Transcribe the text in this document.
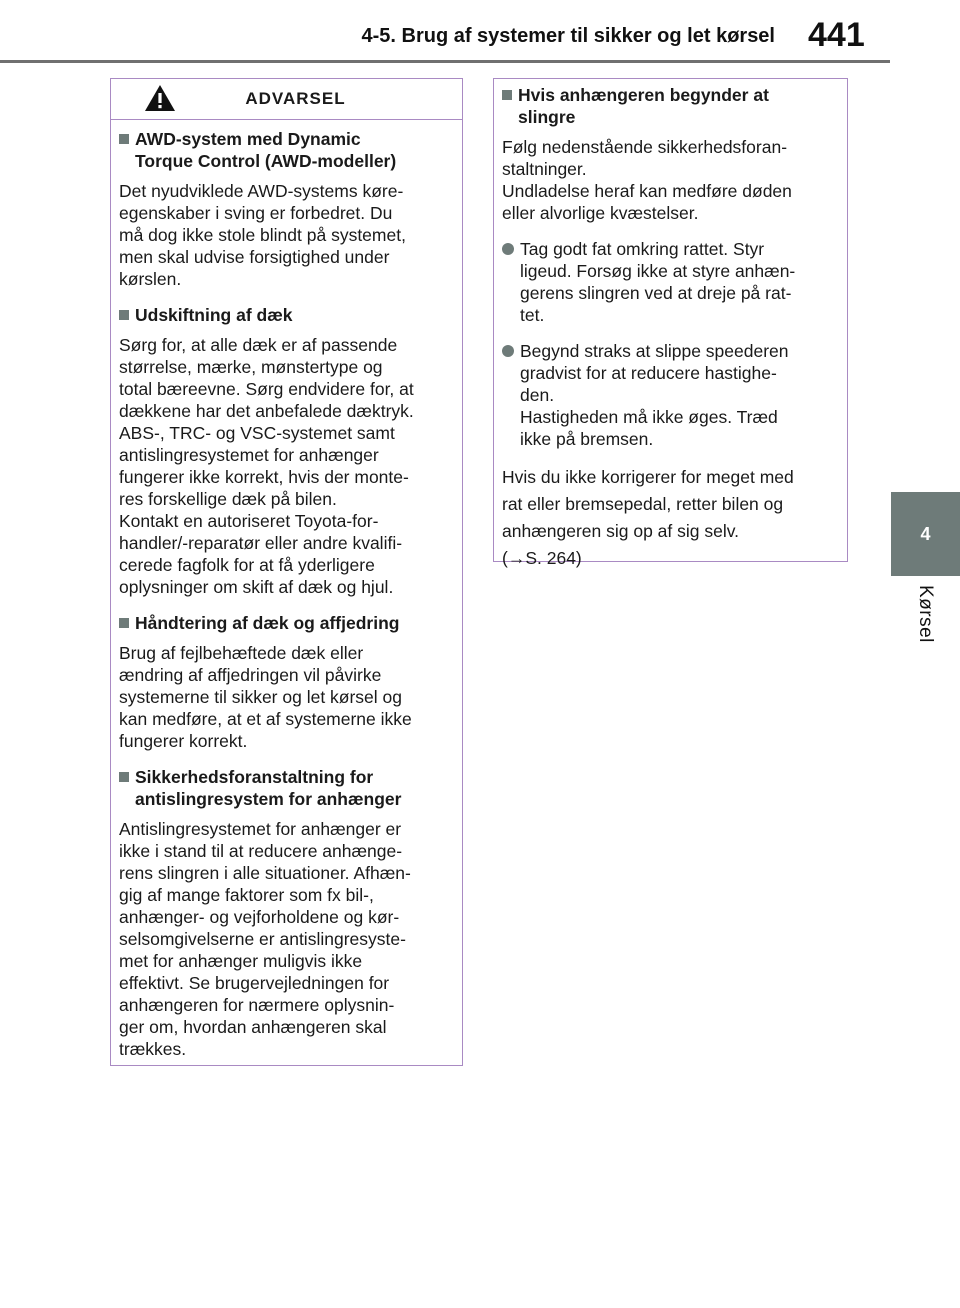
4-5. Brug af systemer til sikker og let kørsel 441
4
Kørsel
ADVARSEL
AWD-system med Dynamic
Torque Control (AWD-modeller)
Det nyudviklede AWD-systems køre-
egenskaber i sving er forbedret. Du
må dog ikke stole blindt på systemet,
men skal udvise forsigtighed under
kørslen.
Udskiftning af dæk
Sørg for, at alle dæk er af passende
størrelse, mærke, mønstertype og
total bæreevne. Sørg endvidere for, at
dækkene har det anbefalede dæktryk.
ABS-, TRC- og VSC-systemet samt
antislingresystemet for anhænger
fungerer ikke korrekt, hvis der monte-
res forskellige dæk på bilen.
Kontakt en autoriseret Toyota-for-
handler/-reparatør eller andre kvalifi-
cerede fagfolk for at få yderligere
oplysninger om skift af dæk og hjul.
Håndtering af dæk og affjedring
Brug af fejlbehæftede dæk eller
ændring af affjedringen vil påvirke
systemerne til sikker og let kørsel og
kan medføre, at et af systemerne ikke
fungerer korrekt.
Sikkerhedsforanstaltning for
antislingresystem for anhænger
Antislingresystemet for anhænger er
ikke i stand til at reducere anhænge-
rens slingren i alle situationer. Afhæn-
gig af mange faktorer som fx bil-,
anhænger- og vejforholdene og kør-
selsomgivelserne er antislingresyste-
met for anhænger muligvis ikke
effektivt. Se brugervejledningen for
anhængeren for nærmere oplysnin-
ger om, hvordan anhængeren skal
trækkes.
Hvis anhængeren begynder at
slingre
Følg nedenstående sikkerhedsforan-
staltninger.
Undladelse heraf kan medføre døden
eller alvorlige kvæstelser.
Tag godt fat omkring rattet. Styr
ligeud. Forsøg ikke at styre anhæn-
gerens slingren ved at dreje på rat-
tet.
Begynd straks at slippe speederen
gradvist for at reducere hastighe-
den.
Hastigheden må ikke øges. Træd
ikke på bremsen.
Hvis du ikke korrigerer for meget med
rat eller bremsepedal, retter bilen og
anhængeren sig op af sig selv.
(→S. 264)
